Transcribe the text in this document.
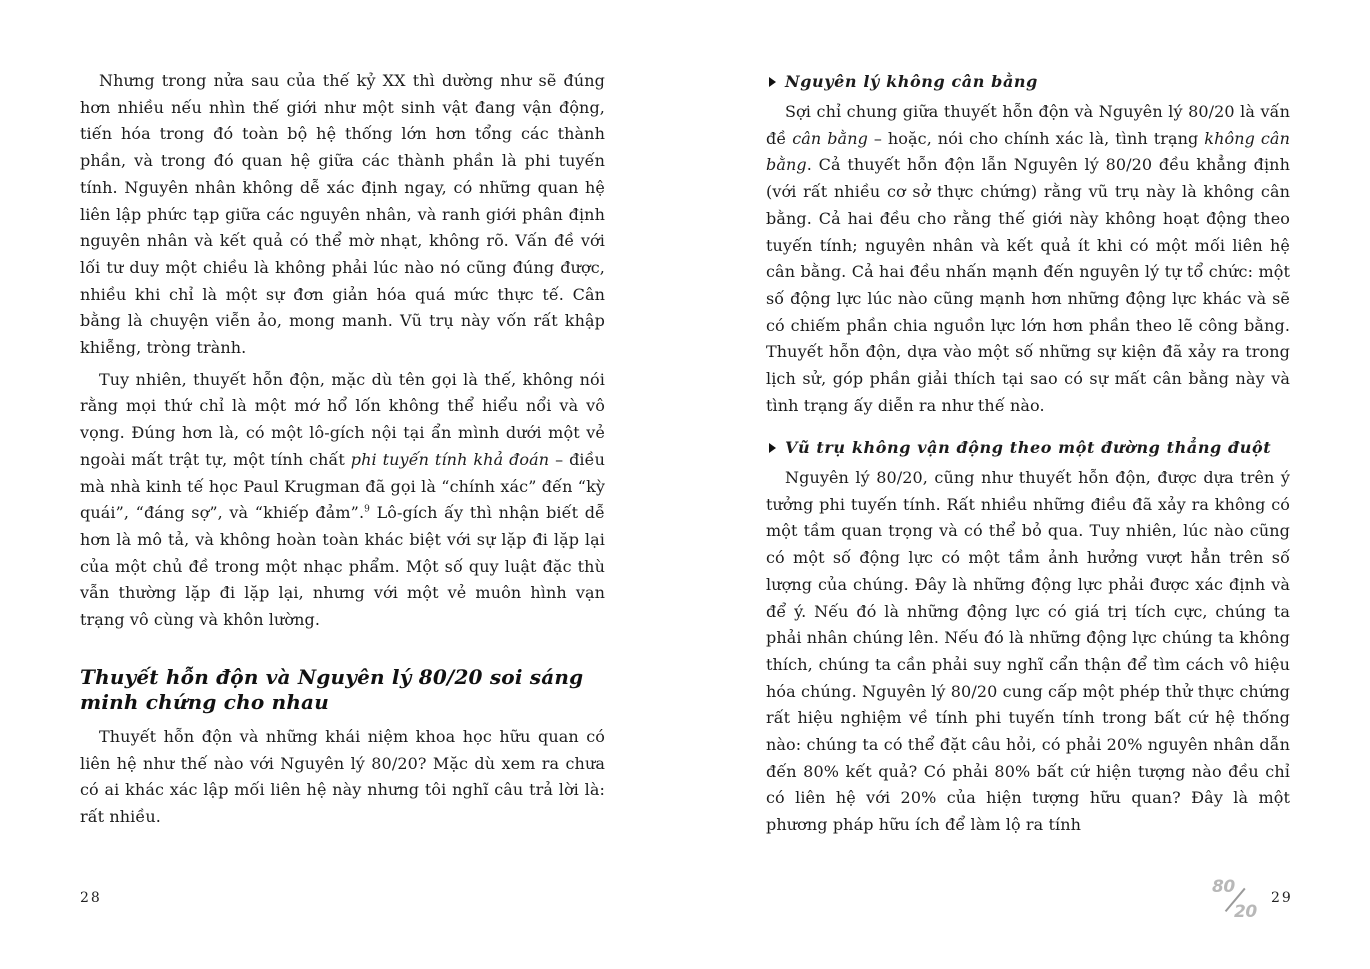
Nhưng trong nửa sau của thế kỷ XX thì dường như sẽ đúng hơn nhiều nếu nhìn thế giới như một sinh vật đang vận động, tiến hóa trong đó toàn bộ hệ thống lớn hơn tổng các thành phần, và trong đó quan hệ giữa các thành phần là phi tuyến tính. Nguyên nhân không dễ xác định ngay, có những quan hệ liên lập phức tạp giữa các nguyên nhân, và ranh giới phân định nguyên nhân và kết quả có thể mờ nhạt, không rõ. Vấn đề với lối tư duy một chiều là không phải lúc nào nó cũng đúng được, nhiều khi chỉ là một sự đơn giản hóa quá mức thực tế. Cân bằng là chuyện viễn ảo, mong manh. Vũ trụ này vốn rất khập khiễng, tròng trành.

Tuy nhiên, thuyết hỗn độn, mặc dù tên gọi là thế, không nói rằng mọi thứ chỉ là một mớ hổ lốn không thể hiểu nổi và vô vọng. Đúng hơn là, có một lô-gích nội tại ẩn mình dưới một vẻ ngoài mất trật tự, một tính chất phi tuyến tính khả đoán – điều mà nhà kinh tế học Paul Krugman đã gọi là “chính xác” đến “kỳ quái”, “đáng sợ”, và “khiếp đảm”.$^9$ Lô-gích ấy thì nhận biết dễ hơn là mô tả, và không hoàn toàn khác biệt với sự lặp đi lặp lại của một chủ đề trong một nhạc phẩm. Một số quy luật đặc thù vẫn thường lặp đi lặp lại, nhưng với một vẻ muôn hình vạn trạng vô cùng và khôn lường.

Thuyết hỗn độn và Nguyên lý 80/20 soi sáng minh chứng cho nhau

Thuyết hỗn độn và những khái niệm khoa học hữu quan có liên hệ như thế nào với Nguyên lý 80/20? Mặc dù xem ra chưa có ai khác xác lập mối liên hệ này nhưng tôi nghĩ câu trả lời là: rất nhiều.

28
Nguyên lý không cân bằng

Sợi chỉ chung giữa thuyết hỗn độn và Nguyên lý 80/20 là vấn đề cân bằng – hoặc, nói cho chính xác là, tình trạng không cân bằng. Cả thuyết hỗn độn lẫn Nguyên lý 80/20 đều khẳng định (với rất nhiều cơ sở thực chứng) rằng vũ trụ này là không cân bằng. Cả hai đều cho rằng thế giới này không hoạt động theo tuyến tính; nguyên nhân và kết quả ít khi có một mối liên hệ cân bằng. Cả hai đều nhấn mạnh đến nguyên lý tự tổ chức: một số động lực lúc nào cũng mạnh hơn những động lực khác và sẽ có chiếm phần chia nguồn lực lớn hơn phần theo lẽ công bằng. Thuyết hỗn độn, dựa vào một số những sự kiện đã xảy ra trong lịch sử, góp phần giải thích tại sao có sự mất cân bằng này và tình trạng ấy diễn ra như thế nào.

Vũ trụ không vận động theo một đường thẳng đuột

Nguyên lý 80/20, cũng như thuyết hỗn độn, được dựa trên ý tưởng phi tuyến tính. Rất nhiều những điều đã xảy ra không có một tầm quan trọng và có thể bỏ qua. Tuy nhiên, lúc nào cũng có một số động lực có một tầm ảnh hưởng vượt hẳn trên số lượng của chúng. Đây là những động lực phải được xác định và để ý. Nếu đó là những động lực có giá trị tích cực, chúng ta phải nhân chúng lên. Nếu đó là những động lực chúng ta không thích, chúng ta cần phải suy nghĩ cẩn thận để tìm cách vô hiệu hóa chúng. Nguyên lý 80/20 cung cấp một phép thử thực chứng rất hiệu nghiệm về tính phi tuyến tính trong bất cứ hệ thống nào: chúng ta có thể đặt câu hỏi, có phải 20% nguyên nhân dẫn đến 80% kết quả? Có phải 80% bất cứ hiện tượng nào đều chỉ có liên hệ với 20% của hiện tượng hữu quan? Đây là một phương pháp hữu ích để làm lộ ra tính

80
20
29
